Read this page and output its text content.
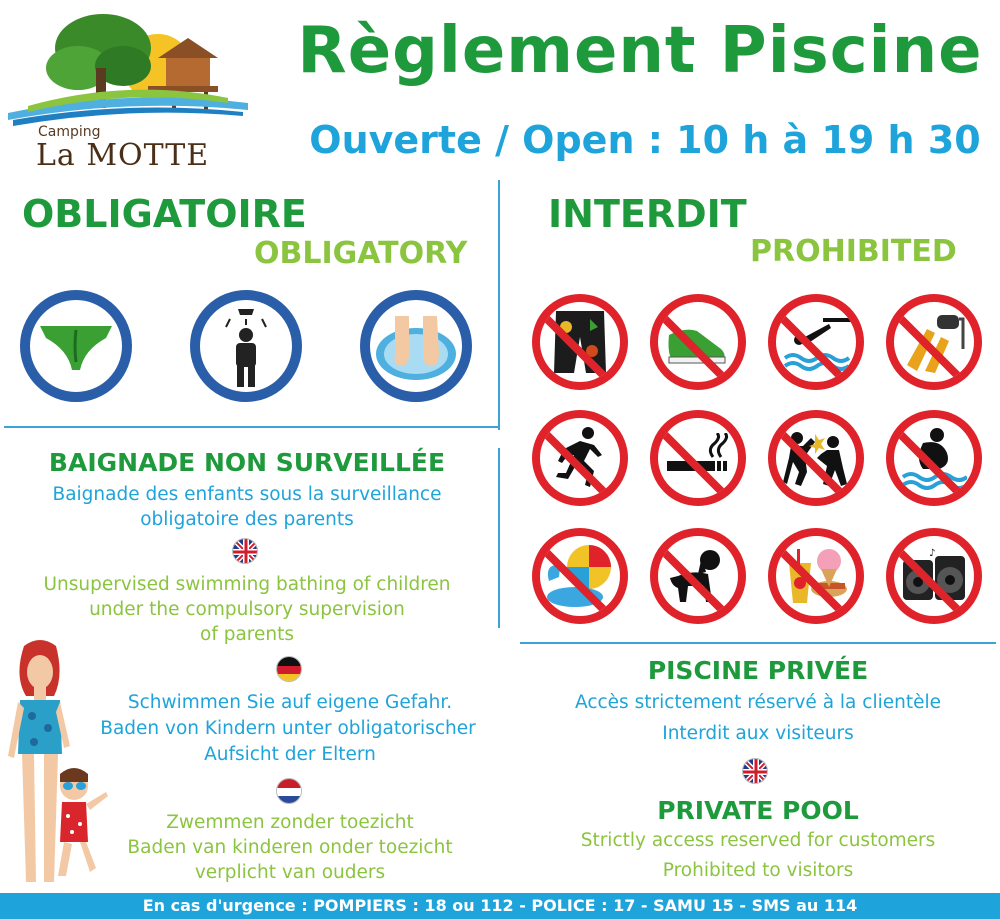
Camping
La MOTTE
Règlement Piscine
Ouverte / Open : 10 h à 19 h 30
OBLIGATOIRE
OBLIGATORY
INTERDIT
PROHIBITED
♪
BAIGNADE NON SURVEILLÉE
Baignade des enfants sous la surveillance
obligatoire des parents
Unsupervised swimming bathing of children
under the compulsory supervision
of parents
Schwimmen Sie auf eigene Gefahr.
Baden von Kindern unter obligatorischer
Aufsicht der Eltern
Zwemmen zonder toezicht
Baden van kinderen onder toezicht
verplicht van ouders
PISCINE PRIVÉE
Accès strictement réservé à la clientèle
Interdit aux visiteurs
PRIVATE POOL
Strictly access reserved for customers
Prohibited to visitors
En cas d'urgence : POMPIERS : 18 ou 112 - POLICE : 17 - SAMU 15 - SMS au 114
